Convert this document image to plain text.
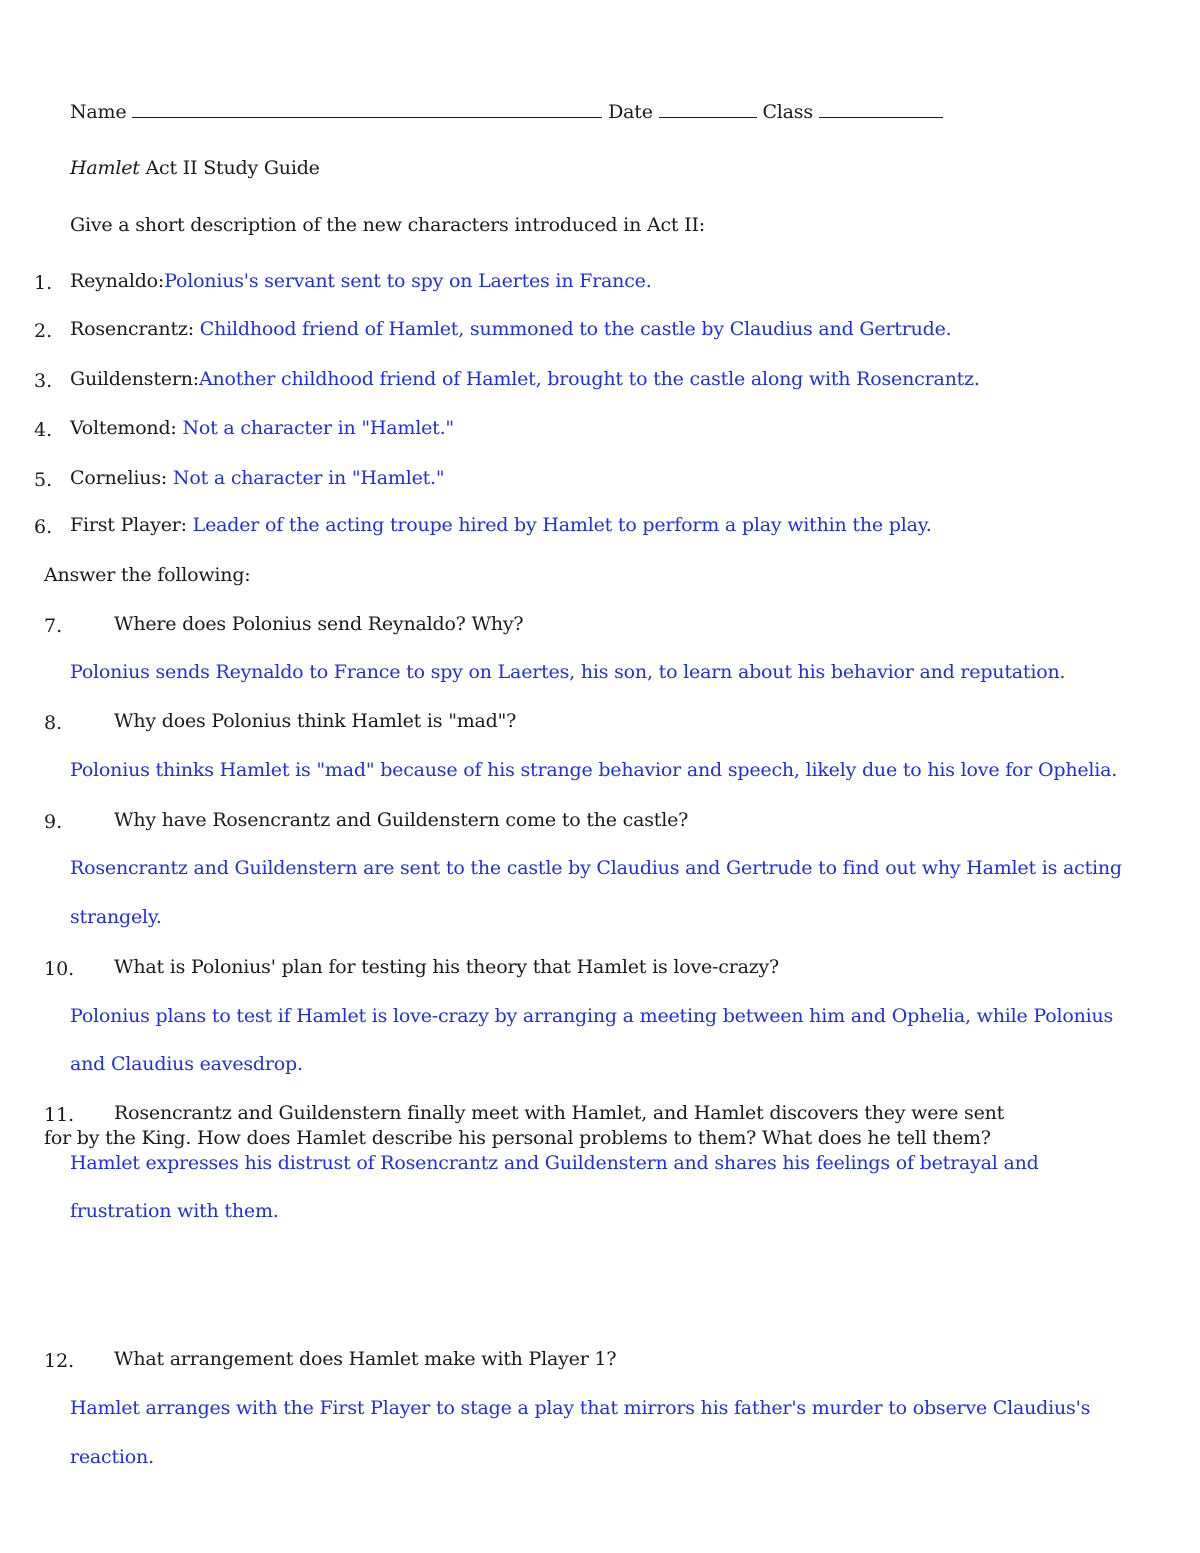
Name	Date	Class
Hamlet Act II Study Guide
Give a short description of the new characters introduced in Act II:
1. Reynaldo:Polonius's servant sent to spy on Laertes in France.
2. Rosencrantz: Childhood friend of Hamlet, summoned to the castle by Claudius and Gertrude.
3. Guildenstern:Another childhood friend of Hamlet, brought to the castle along with Rosencrantz.
4. Voltemond: Not a character in "Hamlet."
5. Cornelius: Not a character in "Hamlet."
6. First Player: Leader of the acting troupe hired by Hamlet to perform a play within the play.
Answer the following:
7.	Where does Polonius send Reynaldo? Why?
Polonius sends Reynaldo to France to spy on Laertes, his son, to learn about his behavior and reputation.
8.	Why does Polonius think Hamlet is "mad"?
Polonius thinks Hamlet is "mad" because of his strange behavior and speech, likely due to his love for Ophelia.
9.	Why have Rosencrantz and Guildenstern come to the castle?
Rosencrantz and Guildenstern are sent to the castle by Claudius and Gertrude to find out why Hamlet is acting
strangely.
10. What is Polonius' plan for testing his theory that Hamlet is love-crazy?
Polonius plans to test if Hamlet is love-crazy by arranging a meeting between him and Ophelia, while Polonius
and Claudius eavesdrop.
11. Rosencrantz and Guildenstern finally meet with Hamlet, and Hamlet discovers they were sent
for by the King. How does Hamlet describe his personal problems to them? What does he tell them?
Hamlet expresses his distrust of Rosencrantz and Guildenstern and shares his feelings of betrayal and
frustration with them.
12. What arrangement does Hamlet make with Player 1?
Hamlet arranges with the First Player to stage a play that mirrors his father's murder to observe Claudius's
reaction.
